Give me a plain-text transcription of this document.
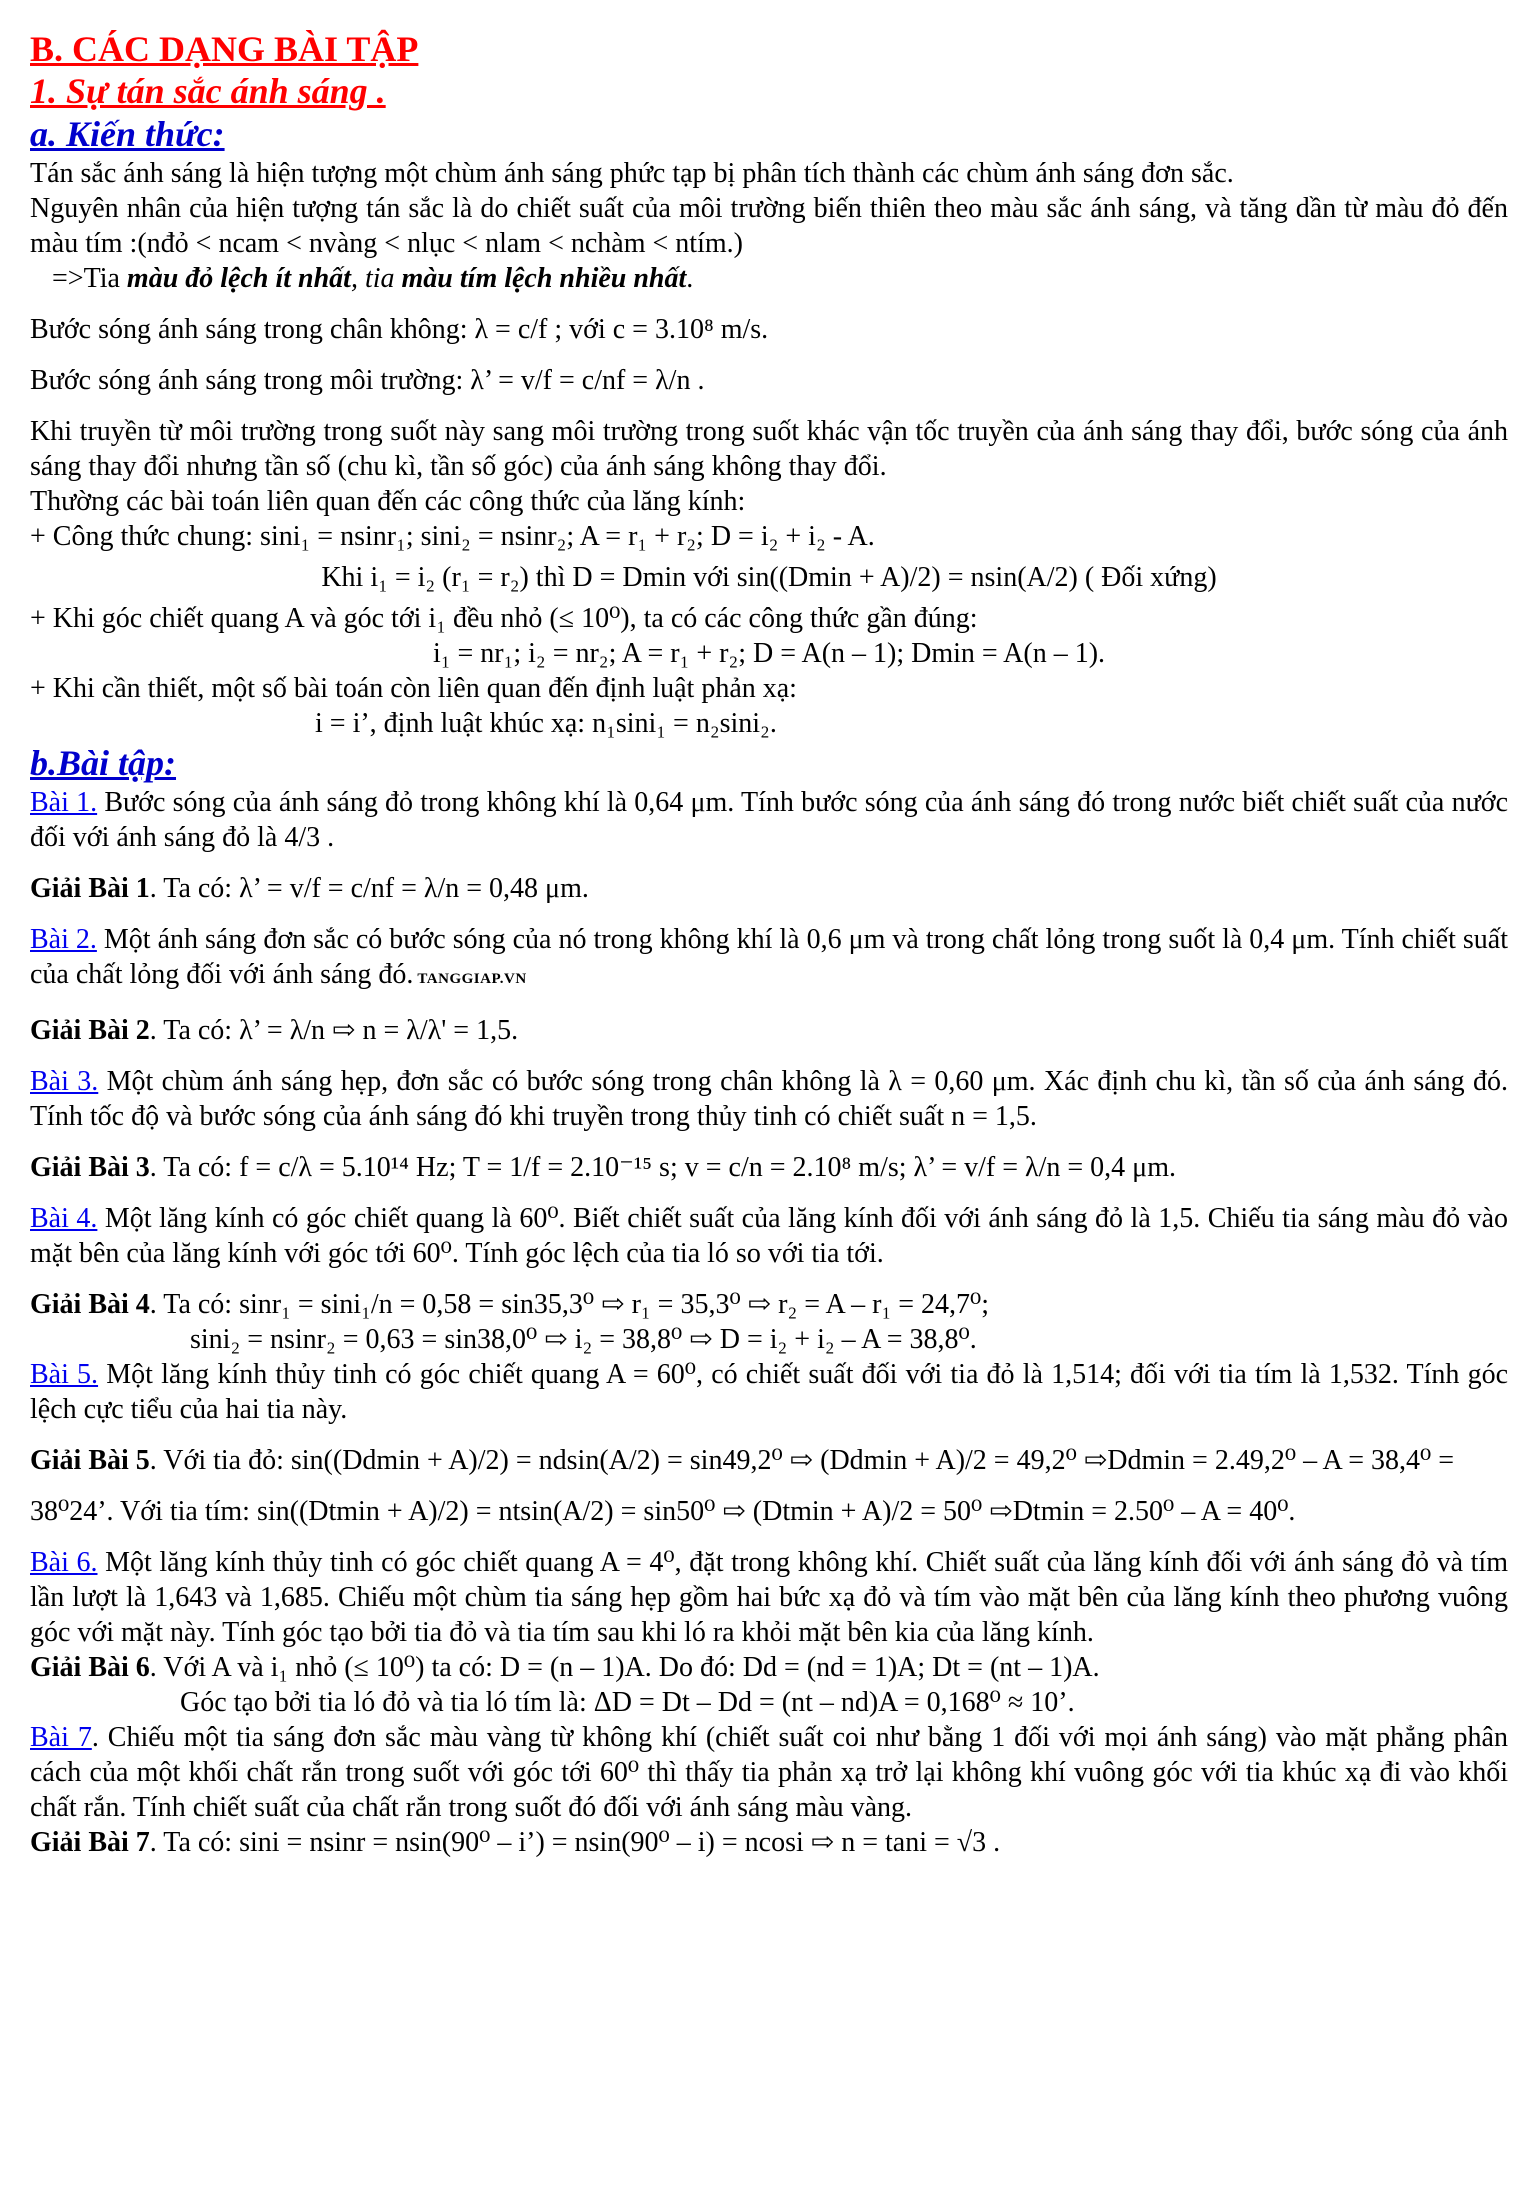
B. CÁC DẠNG BÀI TẬP
1. Sự tán sắc ánh sáng .
a. Kiến thức:

Tán sắc ánh sáng là hiện tượng một chùm ánh sáng phức tạp bị phân tích thành các chùm ánh sáng đơn sắc.

Nguyên nhân của hiện tượng tán sắc là do chiết suất của môi trường biến thiên theo màu sắc ánh sáng, và tăng dần từ màu đỏ đến màu tím :(nđỏ < ncam < nvàng < nlục < nlam < nchàm < ntím.)

=>Tia màu đỏ lệch ít nhất, tia màu tím lệch nhiều nhất.

Bước sóng ánh sáng trong chân không: λ = c/f ; với c = 3.10⁸ m/s.

Bước sóng ánh sáng trong môi trường: λ’ = v/f = c/nf = λ/n .

Khi truyền từ môi trường trong suốt này sang môi trường trong suốt khác vận tốc truyền của ánh sáng thay đổi, bước sóng của ánh sáng thay đổi nhưng tần số (chu kì, tần số góc) của ánh sáng không thay đổi.

Thường các bài toán liên quan đến các công thức của lăng kính:

+ Công thức chung: sini₁ = nsinr₁; sini₂ = nsinr₂; A = r₁ + r₂; D = i₂ + i₂ - A.

Khi i₁ = i₂ (r₁ = r₂) thì D = Dmin với sin((Dmin + A)/2) = nsin(A/2) ( Đối xứng)

+ Khi góc chiết quang A và góc tới i₁ đều nhỏ (≤ 10⁰), ta có các công thức gần đúng:

i₁ = nr₁; i₂ = nr₂; A = r₁ + r₂; D = A(n – 1); Dmin = A(n – 1).

+ Khi cần thiết, một số bài toán còn liên quan đến định luật phản xạ:

i = i’, định luật khúc xạ: n₁sini₁ = n₂sini₂.

b.Bài tập:

Bài 1. Bước sóng của ánh sáng đỏ trong không khí là 0,64 μm. Tính bước sóng của ánh sáng đó trong nước biết chiết suất của nước đối với ánh sáng đỏ là 4/3 .

Giải Bài 1. Ta có: λ’ = v/f = c/nf = λ/n = 0,48 μm.

Bài 2. Một ánh sáng đơn sắc có bước sóng của nó trong không khí là 0,6 μm và trong chất lỏng trong suốt là 0,4 μm. Tính chiết suất của chất lỏng đối với ánh sáng đó. TANGGIAP.VN

Giải Bài 2. Ta có: λ’ = λ/n ⇨ n = λ/λ' = 1,5.

Bài 3. Một chùm ánh sáng hẹp, đơn sắc có bước sóng trong chân không là λ = 0,60 μm. Xác định chu kì, tần số của ánh sáng đó. Tính tốc độ và bước sóng của ánh sáng đó khi truyền trong thủy tinh có chiết suất n = 1,5.

Giải Bài 3. Ta có: f = c/λ = 5.10¹⁴ Hz; T = 1/f = 2.10⁻¹⁵ s; v = c/n = 2.10⁸ m/s; λ’ = v/f = λ/n = 0,4 μm.

Bài 4. Một lăng kính có góc chiết quang là 60⁰. Biết chiết suất của lăng kính đối với ánh sáng đỏ là 1,5. Chiếu tia sáng màu đỏ vào mặt bên của lăng kính với góc tới 60⁰. Tính góc lệch của tia ló so với tia tới.

Giải Bài 4. Ta có: sinr₁ = sini₁/n = 0,58 = sin35,3⁰ ⇨ r₁ = 35,3⁰ ⇨ r₂ = A – r₁ = 24,7⁰;

sini₂ = nsinr₂ = 0,63 = sin38,0⁰ ⇨ i₂ = 38,8⁰ ⇨ D = i₂ + i₂ – A = 38,8⁰.

Bài 5. Một lăng kính thủy tinh có góc chiết quang A = 60⁰, có chiết suất đối với tia đỏ là 1,514; đối với tia tím là 1,532. Tính góc lệch cực tiểu của hai tia này.

Giải Bài 5. Với tia đỏ: sin((Ddmin + A)/2) = ndsin(A/2) = sin49,2⁰ ⇨ (Ddmin + A)/2 = 49,2⁰ ⇨Ddmin = 2.49,2⁰ – A = 38,4⁰ =

38⁰24’. Với tia tím: sin((Dtmin + A)/2) = ntsin(A/2) = sin50⁰ ⇨ (Dtmin + A)/2 = 50⁰ ⇨Dtmin = 2.50⁰ – A = 40⁰.

Bài 6. Một lăng kính thủy tinh có góc chiết quang A = 4⁰, đặt trong không khí. Chiết suất của lăng kính đối với ánh sáng đỏ và tím lần lượt là 1,643 và 1,685. Chiếu một chùm tia sáng hẹp gồm hai bức xạ đỏ và tím vào mặt bên của lăng kính theo phương vuông góc với mặt này. Tính góc tạo bởi tia đỏ và tia tím sau khi ló ra khỏi mặt bên kia của lăng kính.

Giải Bài 6. Với A và i₁ nhỏ (≤ 10⁰) ta có: D = (n – 1)A. Do đó: Dd = (nd = 1)A; Dt = (nt – 1)A.

Góc tạo bởi tia ló đỏ và tia ló tím là: ΔD = Dt – Dd = (nt – nd)A = 0,168⁰ ≈ 10’.

Bài 7. Chiếu một tia sáng đơn sắc màu vàng từ không khí (chiết suất coi như bằng 1 đối với mọi ánh sáng) vào mặt phẳng phân cách của một khối chất rắn trong suốt với góc tới 60⁰ thì thấy tia phản xạ trở lại không khí vuông góc với tia khúc xạ đi vào khối chất rắn. Tính chiết suất của chất rắn trong suốt đó đối với ánh sáng màu vàng.

Giải Bài 7. Ta có: sini = nsinr = nsin(90⁰ – i’) = nsin(90⁰ – i) = ncosi ⇨ n = tani = √3 .
